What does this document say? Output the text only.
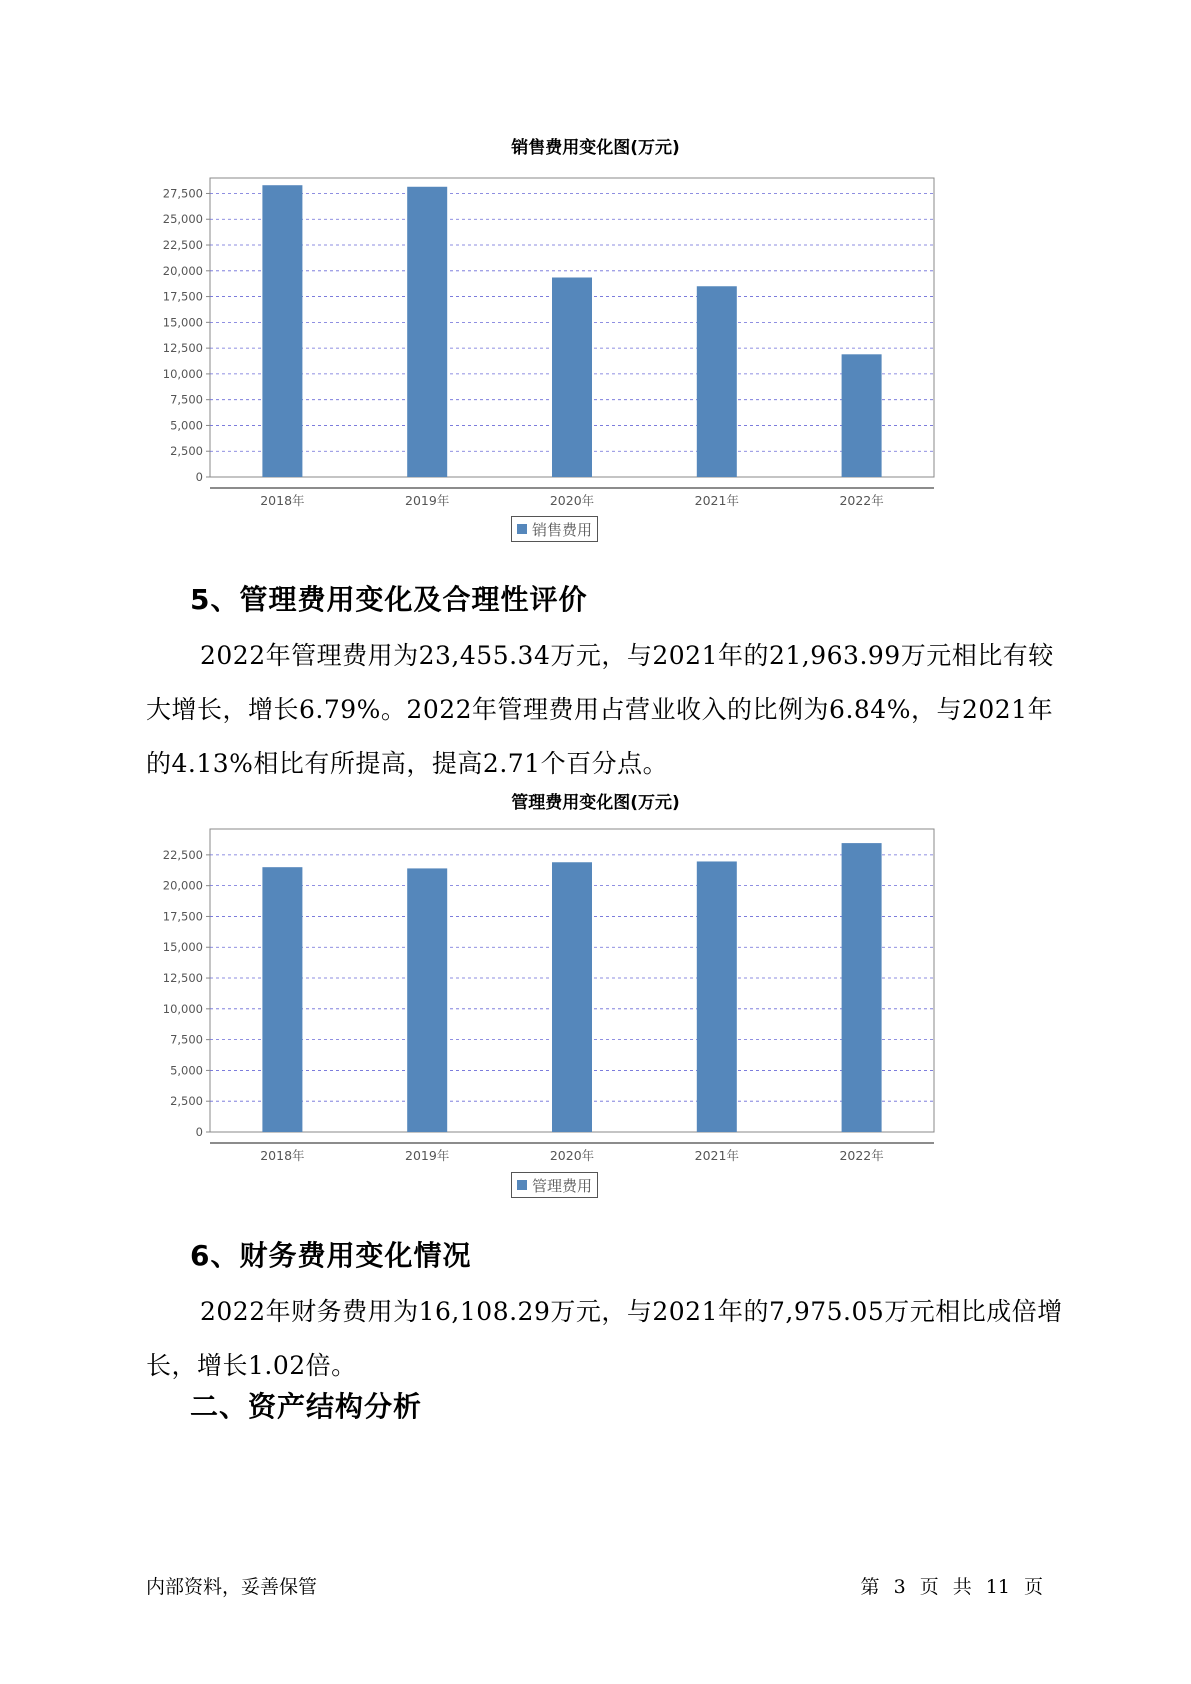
销售费用变化图(万元)
0
2,500
5,000
7,500
10,000
12,500
15,000
17,500
20,000
22,500
25,000
27,500
2018年	2019年	2020年	2021年	2022年
销售费用
5、管理费用变化及合理性评价

2022年管理费用为23,455.34万元，与2021年的21,963.99万元相比有较大增长，增长6.79%。2022年管理费用占营业收入的比例为6.84%，与2021年的4.13%相比有所提高，提高2.71个百分点。

管理费用变化图(万元)
0
2,500
5,000
7,500
10,000
12,500
15,000
17,500
20,000
22,500
2018年	2019年	2020年	2021年	2022年
管理费用
6、财务费用变化情况

2022年财务费用为16,108.29万元，与2021年的7,975.05万元相比成倍增长，增长1.02倍。

二、资产结构分析
内部资料，妥善保管	第 3 页 共 11 页
